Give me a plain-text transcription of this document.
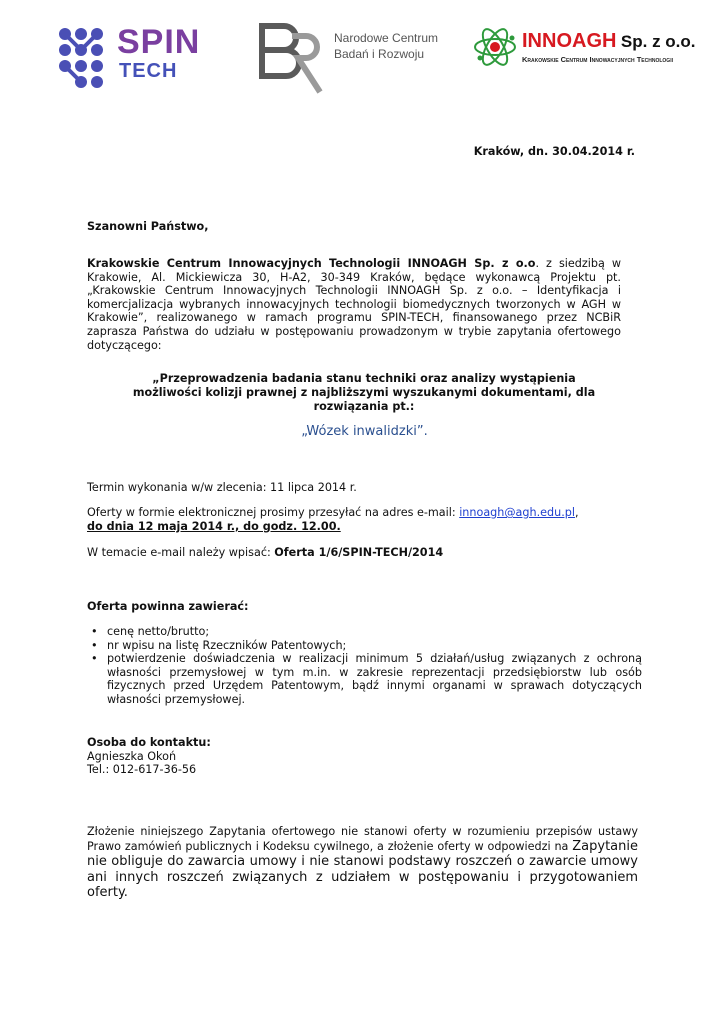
SPIN
TECH
Narodowe Centrum
Badań i Rozwoju
INNOAGH Sp. z o.o.
Krakowskie Centrum Innowacyjnych Technologii

Kraków, dn. 30.04.2014 r.

Szanowni Państwo,

Krakowskie Centrum Innowacyjnych Technologii INNOAGH Sp. z o.o. z siedzibą w Krakowie, Al. Mickiewicza 30, H-A2, 30-349 Kraków, będące wykonawcą Projektu pt. „Krakowskie Centrum Innowacyjnych Technologii INNOAGH Sp. z o.o. – Identyfikacja i komercjalizacja wybranych innowacyjnych technologii biomedycznych tworzonych w AGH w Krakowie”, realizowanego w ramach programu SPIN-TECH, finansowanego przez NCBiR zaprasza Państwa do udziału w postępowaniu prowadzonym w trybie zapytania ofertowego dotyczącego:

„Przeprowadzenia badania stanu techniki oraz analizy wystąpienia możliwości kolizji prawnej z najbliższymi wyszukanymi dokumentami, dla rozwiązania pt.:

„Wózek inwalidzki”.

Termin wykonania w/w zlecenia: 11 lipca 2014 r.

Oferty w formie elektronicznej prosimy przesyłać na adres e-mail: innoagh@agh.edu.pl,
do dnia 12 maja 2014 r., do godz. 12.00.

W temacie e-mail należy wpisać: Oferta 1/6/SPIN-TECH/2014

Oferta powinna zawierać:

• cenę netto/brutto;
• nr wpisu na listę Rzeczników Patentowych;
• potwierdzenie doświadczenia w realizacji minimum 5 działań/usług związanych z ochroną własności przemysłowej w tym m.in. w zakresie reprezentacji przedsiębiorstw lub osób fizycznych przed Urzędem Patentowym, bądź innymi organami w sprawach dotyczących własności przemysłowej.
Osoba do kontaktu:
Agnieszka Okoń
Tel.: 012-617-36-56

Złożenie niniejszego Zapytania ofertowego nie stanowi oferty w rozumieniu przepisów ustawy Prawo zamówień publicznych i Kodeksu cywilnego, a złożenie oferty w odpowiedzi na Zapytanie nie obliguje do zawarcia umowy i nie stanowi podstawy roszczeń o zawarcie umowy ani innych roszczeń związanych z udziałem w postępowaniu i przygotowaniem oferty.
